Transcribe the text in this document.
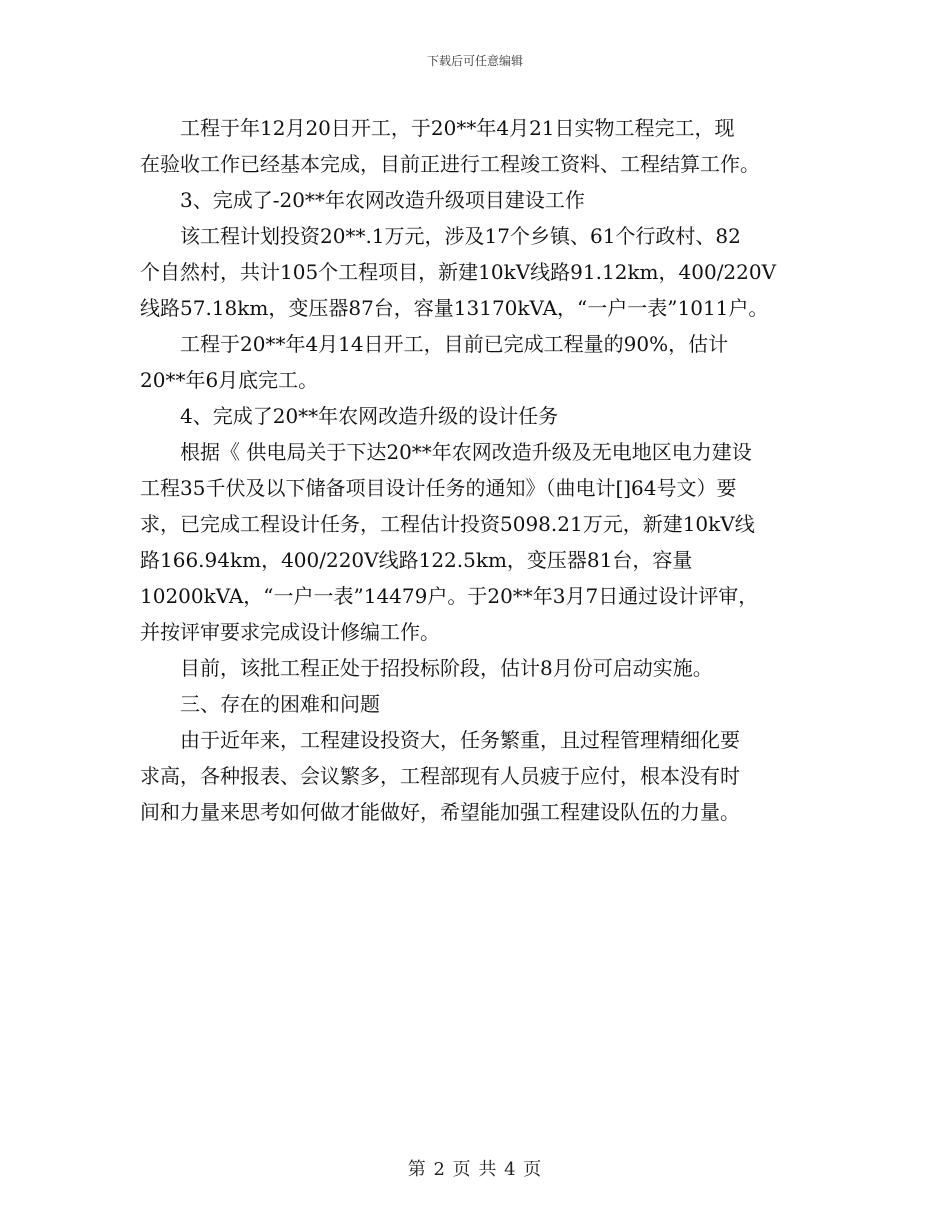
下载后可任意编辑

工程于年12月20日开工，于20**年4月21日实物工程完工，现

在验收工作已经基本完成，目前正进行工程竣工资料、工程结算工作。

3、完成了-20**年农网改造升级项目建设工作

该工程计划投资20**.1万元，涉及17个乡镇、61个行政村、82

个自然村，共计105个工程项目，新建10kV线路91.12km，400/220V

线路57.18km，变压器87台，容量13170kVA，“一户一表”1011户。

工程于20**年4月14日开工，目前已完成工程量的90%，估计

20**年6月底完工。

4、完成了20**年农网改造升级的设计任务

根据《 供电局关于下达20**年农网改造升级及无电地区电力建设

工程35千伏及以下储备项目设计任务的通知》（曲电计[]64号文）要

求，已完成工程设计任务，工程估计投资5098.21万元，新建10kV线

路166.94km，400/220V线路122.5km，变压器81台，容量

10200kVA，“一户一表”14479户。于20**年3月7日通过设计评审，

并按评审要求完成设计修编工作。

目前，该批工程正处于招投标阶段，估计8月份可启动实施。

三、存在的困难和问题

由于近年来，工程建设投资大，任务繁重，且过程管理精细化要

求高，各种报表、会议繁多，工程部现有人员疲于应付，根本没有时

间和力量来思考如何做才能做好，希望能加强工程建设队伍的力量。

第 2 页 共 4 页
